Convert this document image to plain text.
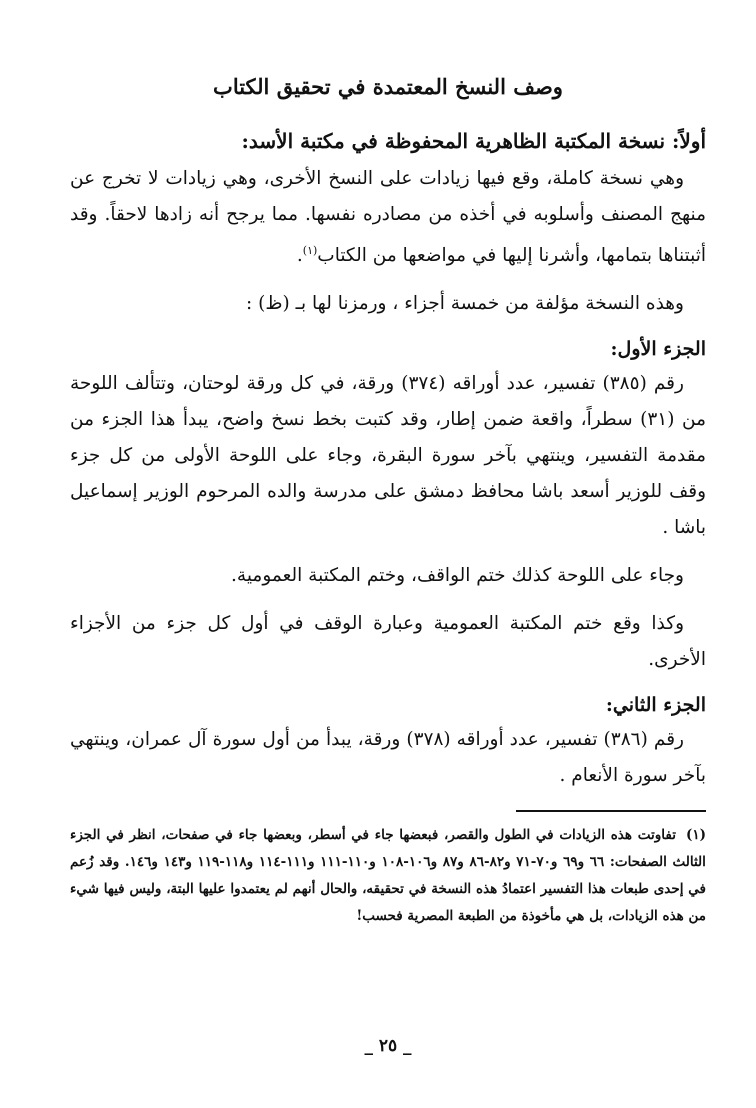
وصف النسخ المعتمدة في تحقيق الكتاب
أولاً: نسخة المكتبة الظاهرية المحفوظة في مكتبة الأسد:

وهي نسخة كاملة، وقع فيها زيادات على النسخ الأخرى، وهي زيادات لا تخرج عن منهج المصنف وأسلوبه في أخذه من مصادره نفسها. مما يرجح أنه زادها لاحقاً. وقد أثبتناها بتمامها، وأشرنا إليها في مواضعها من الكتاب$^{(١)}$.

وهذه النسخة مؤلفة من خمسة أجزاء ، ورمزنا لها بـ (ظ) :

الجزء الأول:

رقم (٣٨٥) تفسير، عدد أوراقه (٣٧٤) ورقة، في كل ورقة لوحتان، وتتألف اللوحة من (٣١) سطراً، واقعة ضمن إطار، وقد كتبت بخط نسخ واضح، يبدأ هذا الجزء من مقدمة التفسير، وينتهي بآخر سورة البقرة، وجاء على اللوحة الأولى من كل جزء وقف للوزير أسعد باشا محافظ دمشق على مدرسة والده المرحوم الوزير إسماعيل باشا .

وجاء على اللوحة كذلك ختم الواقف، وختم المكتبة العمومية.

وكذا وقع ختم المكتبة العمومية وعبارة الوقف في أول كل جزء من الأجزاء الأخرى.

الجزء الثاني:

رقم (٣٨٦) تفسير، عدد أوراقه (٣٧٨) ورقة، يبدأ من أول سورة آل عمران، وينتهي بآخر سورة الأنعام .

(١)تفاوتت هذه الزيادات في الطول والقصر، فبعضها جاء في أسطر، وبعضها جاء في صفحات، انظر في الجزء الثالث الصفحات: ٦٦ و٦٩ و٧٠-٧١ و٨٢-٨٦ و٨٧ و١٠٦-١٠٨ و١١٠-١١١ و١١١-١١٤ و١١٨-١١٩ و١٤٣ و١٤٦. وقد زُعم في إحدى طبعات هذا التفسير اعتمادُ هذه النسخة في تحقيقه، والحال أنهم لم يعتمدوا عليها البتة، وليس فيها شيء من هذه الزيادات، بل هي مأخوذة من الطبعة المصرية فحسب!

_ ٢٥ _
